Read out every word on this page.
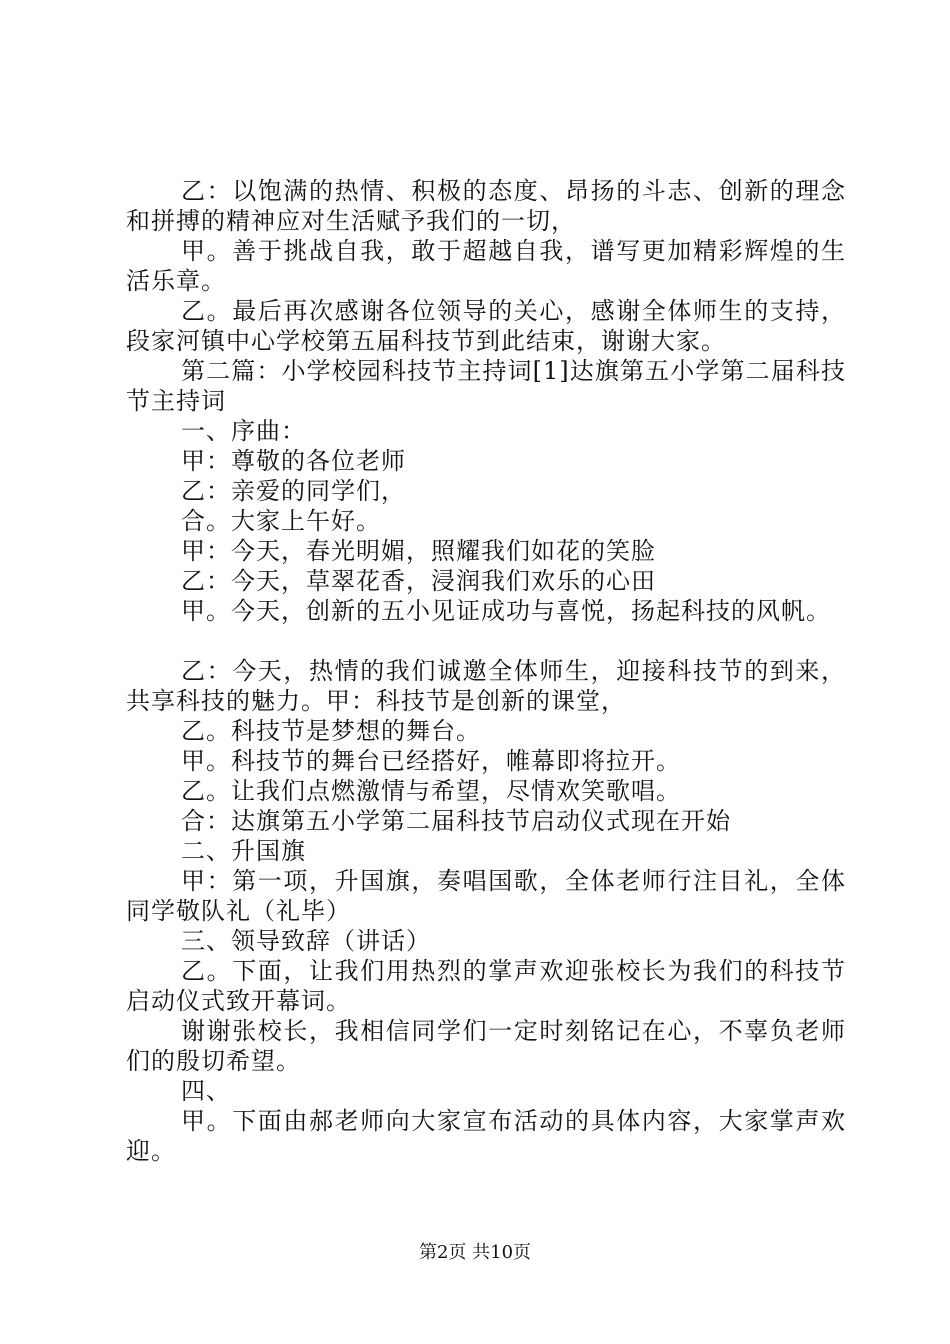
乙：以饱满的热情、积极的态度、昂扬的斗志、创新的理念和拼搏的精神应对生活赋予我们的一切，

甲。善于挑战自我，敢于超越自我，谱写更加精彩辉煌的生活乐章。

乙。最后再次感谢各位领导的关心，感谢全体师生的支持，段家河镇中心学校第五届科技节到此结束，谢谢大家。

第二篇：小学校园科技节主持词[1]达旗第五小学第二届科技节主持词

一、序曲：

甲：尊敬的各位老师

乙：亲爱的同学们，

合。大家上午好。

甲：今天，春光明媚，照耀我们如花的笑脸

乙：今天，草翠花香，浸润我们欢乐的心田

甲。今天，创新的五小见证成功与喜悦，扬起科技的风帆。

乙：今天，热情的我们诚邀全体师生，迎接科技节的到来，共享科技的魅力。甲：科技节是创新的课堂，

乙。科技节是梦想的舞台。

甲。科技节的舞台已经搭好，帷幕即将拉开。

乙。让我们点燃激情与希望，尽情欢笑歌唱。

合：达旗第五小学第二届科技节启动仪式现在开始

二、升国旗

甲：第一项，升国旗，奏唱国歌，全体老师行注目礼，全体同学敬队礼（礼毕）

三、领导致辞（讲话）

乙。下面，让我们用热烈的掌声欢迎张校长为我们的科技节启动仪式致开幕词。

谢谢张校长，我相信同学们一定时刻铭记在心，不辜负老师们的殷切希望。

四、

甲。下面由郝老师向大家宣布活动的具体内容，大家掌声欢迎。

第2页 共10页
